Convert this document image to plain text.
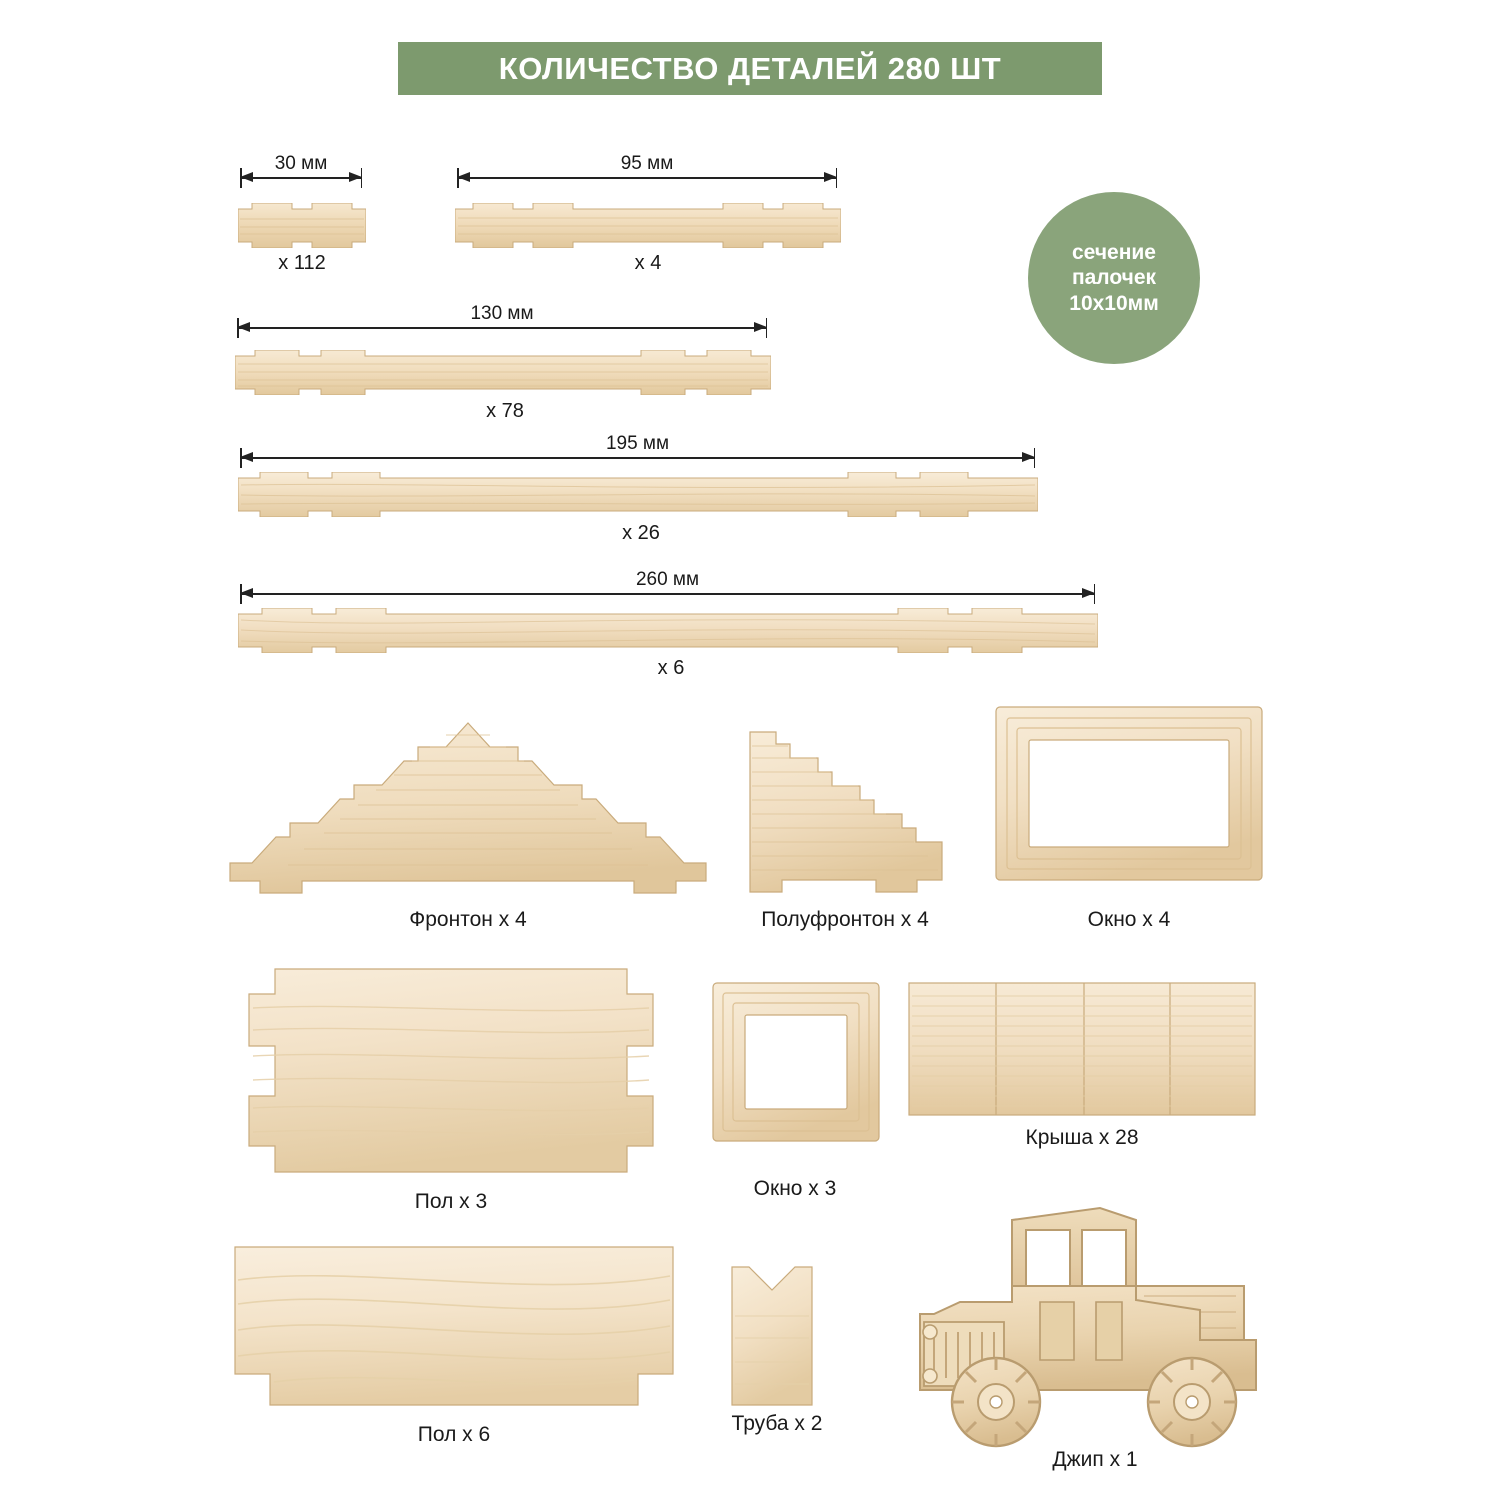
КОЛИЧЕСТВО ДЕТАЛЕЙ 280 ШТ
сечение
палочек
10х10мм
30 мм
х 112
95 мм
х 4
130 мм
х 78
195 мм
х 26
260 мм
х 6
Фронтон х 4	Полуфронтон х 4	Окно х 4
Пол х 3
Окно х 3
Крыша х 28
Пол х 6	Труба х 2
Джип х 1
